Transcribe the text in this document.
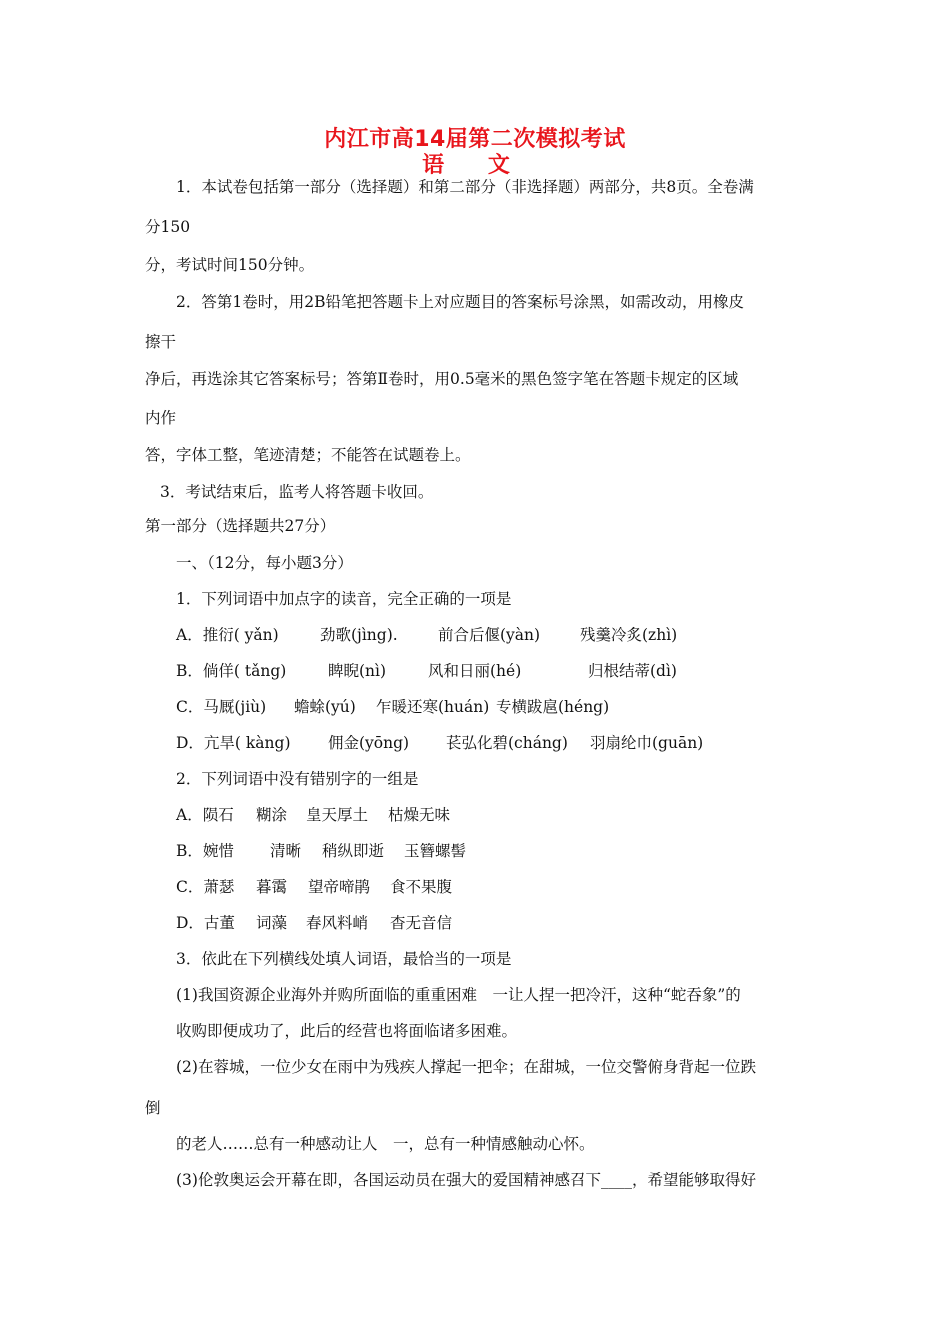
内江市高14届第二次模拟考试
语 文
1．本试卷包括第一部分（选择题）和第二部分（非选择题）两部分，共8页。全卷满
分150
分，考试时间150分钟。
2．答第1卷时，用2B铅笔把答题卡上对应题目的答案标号涂黑，如需改动，用橡皮
擦干
净后，再选涂其它答案标号；答第Ⅱ卷时，用0.5毫米的黑色签字笔在答题卡规定的区域
内作
答，字体工整，笔迹清楚；不能答在试题卷上。
3．考试结束后，监考人将答题卡收回。
第一部分（选择题共27分）
一、（12分，每小题3分）
1．下列词语中加点字的读音，完全正确的一项是
A．推衍( yǎn)	劲歌(jìng).	前合后偃(yàn)	残羹冷炙(zhì)
B．倘佯( tǎng)	睥睨(nì)	风和日丽(hé)	归根结蒂(dì)
C．马厩(jiù) 蟾蜍(yú) 乍暖还寒(huán) 专横跋扈(héng)
D．亢旱( kàng) 佣金(yōng) 苌弘化碧(cháng) 羽扇纶巾(guān)
2．下列词语中没有错别字的一组是
A．陨石 糊涂 皇天厚土 枯燥无味
B．婉惜 清晰 稍纵即逝 玉簪螺髻
C．萧瑟 暮霭 望帝啼鹃 食不果腹
D．古董 词藻 春风料峭 杳无音信
3．依此在下列横线处填人词语，最恰当的一项是
(1)我国资源企业海外并购所面临的重重困难　一让人捏一把冷汗，这种“蛇吞象”的
收购即便成功了，此后的经营也将面临诸多困难。
(2)在蓉城，一位少女在雨中为残疾人撑起一把伞；在甜城，一位交警俯身背起一位跌
倒
的老人……总有一种感动让人　一，总有一种情感触动心怀。
(3)伦敦奥运会开幕在即，各国运动员在强大的爱国精神感召下____，希望能够取得好
